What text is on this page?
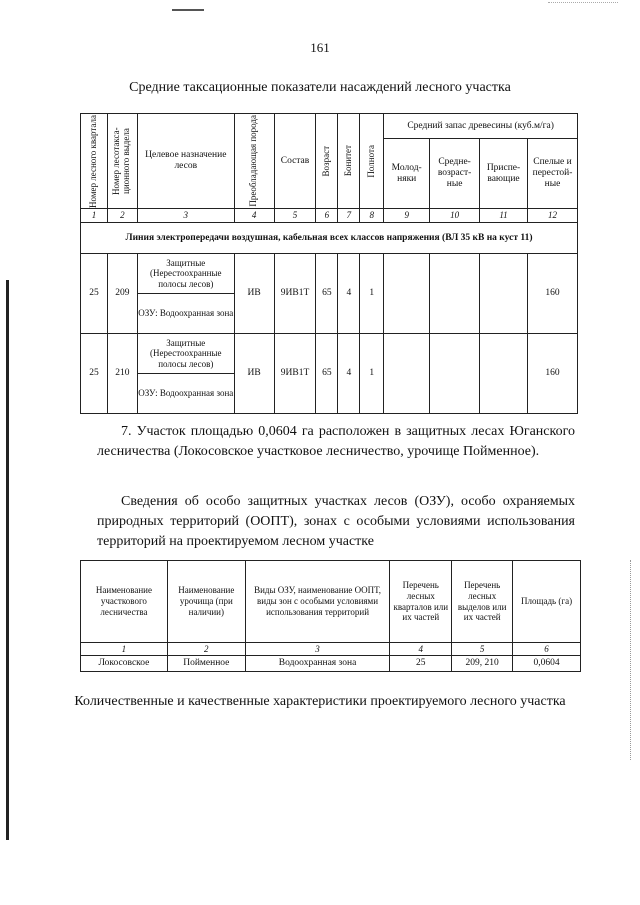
161
Средние таксационные показатели насаждений лесного участка
Номер лесного квартала	Номер лесотакса-ционного выдела	Целевое назначение лесов	Преобладающая порода	Состав	Возраст	Бонитет	Полнота	Средний запас древесины (куб.м/га)			
								Молод-няки	Средне-возраст-ные	Приспе-вающие	Спелые и перестой-ные
1	2	3	4	5	6	7	8	9	10	11	12
Линия электропередачи воздушная, кабельная всех классов напряжения (ВЛ 35 кВ на куст 11)											
25	209	Защитные (Нерестоохранные полосы лесов)	ИВ	9ИВ1Т	65	4	1				160
		ОЗУ: Водоохранная зона									
25	210	Защитные (Нерестоохранные полосы лесов)	ИВ	9ИВ1Т	65	4	1				160
		ОЗУ: Водоохранная зона									
7. Участок площадью 0,0604 га расположен в защитных лесах Юганского лесничества (Локосовское участковое лесничество, урочище Пойменное).
Сведения об особо защитных участках лесов (ОЗУ), особо охраняемых природных территорий (ООПТ), зонах с особыми условиями использования территорий на проектируемом лесном участке
Наименование участкового лесничества	Наименование урочища (при наличии)	Виды ОЗУ, наименование ООПТ, виды зон с особыми условиями использования территорий	Перечень лесных кварталов или их частей	Перечень лесных выделов или их частей	Площадь (га)
1	2	3	4	5	6
Локосовское	Пойменное	Водоохранная зона	25	209, 210	0,0604
Количественные и качественные характеристики проектируемого лесного участка
